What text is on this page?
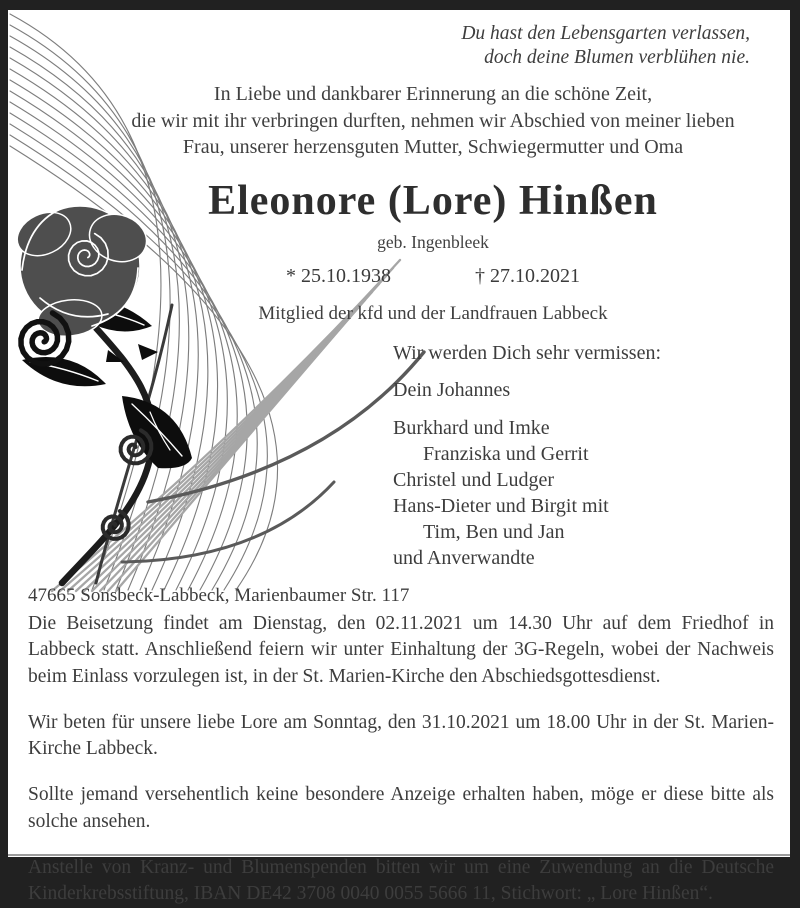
Du hast den Lebensgarten verlassen,
doch deine Blumen verblühen nie.
In Liebe und dankbarer Erinnerung an die schöne Zeit,
die wir mit ihr verbringen durften, nehmen wir Abschied von meiner lieben
Frau, unserer herzensguten Mutter, Schwiegermutter und Oma
Eleonore (Lore) Hinßen
geb. Ingenbleek
* 25.10.1938	† 27.10.2021
Mitglied der kfd und der Landfrauen Labbeck
Wir werden Dich sehr vermissen:
Dein Johannes
Burkhard und Imke
Franziska und Gerrit
Christel und Ludger
Hans-Dieter und Birgit mit
Tim, Ben und Jan
und Anverwandte
47665 Sonsbeck-Labbeck, Marienbaumer Str. 117

Die Beisetzung findet am Dienstag, den 02.11.2021 um 14.30 Uhr auf dem Friedhof in Labbeck statt. Anschließend feiern wir unter Einhaltung der 3G-Regeln, wobei der Nachweis beim Einlass vorzulegen ist, in der St. Marien-Kirche den Abschiedsgottesdienst.

Wir beten für unsere liebe Lore am Sonntag, den 31.10.2021 um 18.00 Uhr in der St. Marien-Kirche Labbeck.

Sollte jemand versehentlich keine besondere Anzeige erhalten haben, möge er diese bitte als solche ansehen.

Anstelle von Kranz- und Blumenspenden bitten wir um eine Zuwendung an die Deutsche Kinderkrebsstiftung, IBAN DE42 3708 0040 0055 5666 11, Stichwort: „ Lore Hinßen“.
